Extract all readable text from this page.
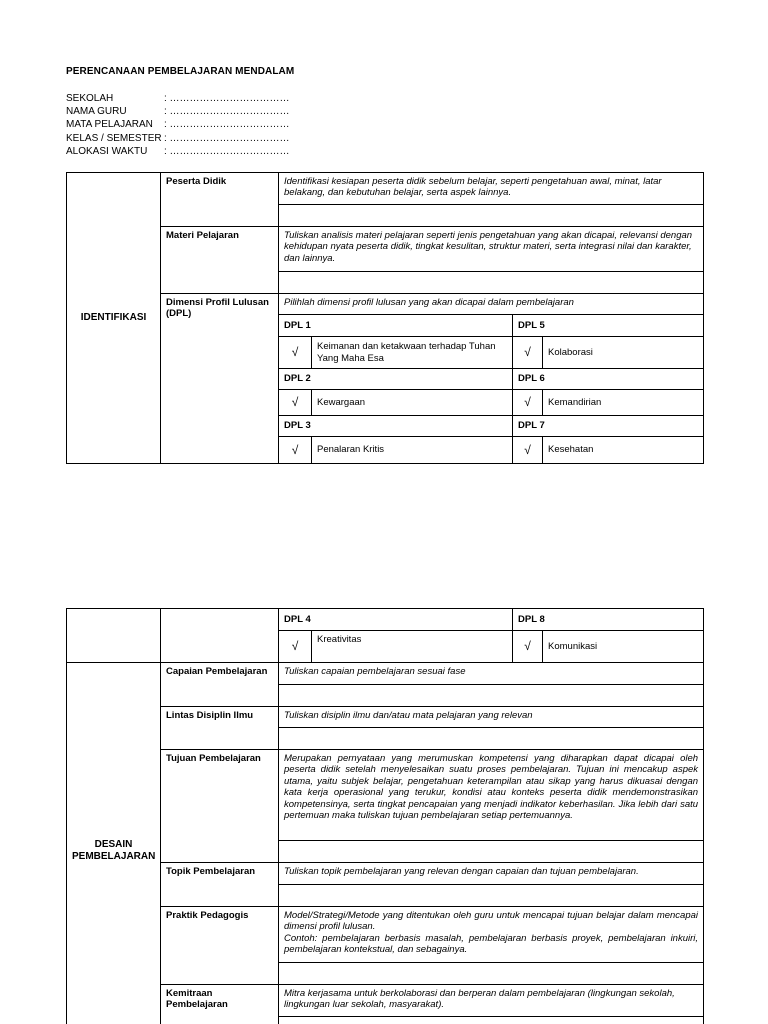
PERENCANAAN PEMBELAJARAN MENDALAM
SEKOLAH	: ………………………………
NAMA GURU	: ………………………………
MATA PELAJARAN	: ………………………………
KELAS / SEMESTER : ………………………………
ALOKASI WAKTU	: ………………………………
IDENTIFIKASI	Peserta Didik	Identifikasi kesiapan peserta didik sebelum belajar, seperti pengetahuan awal, minat, latar belakang, dan kebutuhan belajar, serta aspek lainnya.			

	Materi Pelajaran	Tuliskan analisis materi pelajaran seperti jenis pengetahuan yang akan dicapai, relevansi dengan kehidupan nyata peserta didik, tingkat kesulitan, struktur materi, serta integrasi nilai dan karakter, dan lainnya.			

	Dimensi Profil Lulusan (DPL)	Pilihlah dimensi profil lulusan yang akan dicapai dalam pembelajaran			
		DPL 1		DPL 5	
		√	Keimanan dan ketakwaan terhadap Tuhan Yang Maha Esa	√	Kolaborasi
		DPL 2		DPL 6	
		√	Kewargaan	√	Kemandirian
		DPL 3		DPL 7	
		√	Penalaran Kritis	√	Kesehatan
		DPL 4		DPL 8	
		√	Kreativitas	√	Komunikasi
DESAIN PEMBELAJARAN	Capaian Pembelajaran	Tuliskan capaian pembelajaran sesuai fase			

	Lintas Disiplin Ilmu	Tuliskan disiplin ilmu dan/atau mata pelajaran yang relevan			

	Tujuan Pembelajaran	Merupakan pernyataan yang merumuskan kompetensi yang diharapkan dapat dicapai oleh peserta didik setelah menyelesaikan suatu proses pembelajaran. Tujuan ini mencakup aspek utama, yaitu subjek belajar, pengetahuan keterampilan atau sikap yang harus dikuasai dengan kata kerja operasional yang terukur, kondisi atau konteks peserta didik mendemonstrasikan kompetensinya, serta tingkat pencapaian yang menjadi indikator keberhasilan. Jika lebih dari satu pertemuan maka tuliskan tujuan pembelajaran setiap pertemuannya.			

	Topik Pembelajaran	Tuliskan topik pembelajaran yang relevan dengan capaian dan tujuan pembelajaran.			

	Praktik Pedagogis	Model/Strategi/Metode yang ditentukan oleh guru untuk mencapai tujuan belajar dalam mencapai dimensi profil lulusan.
Contoh: pembelajaran berbasis masalah, pembelajaran berbasis proyek, pembelajaran inkuiri, pembelajaran kontekstual, dan sebagainya.			

	Kemitraan Pembelajaran	Mitra kerjasama untuk berkolaborasi dan berperan dalam pembelajaran (lingkungan sekolah, lingkungan luar sekolah, masyarakat).			
